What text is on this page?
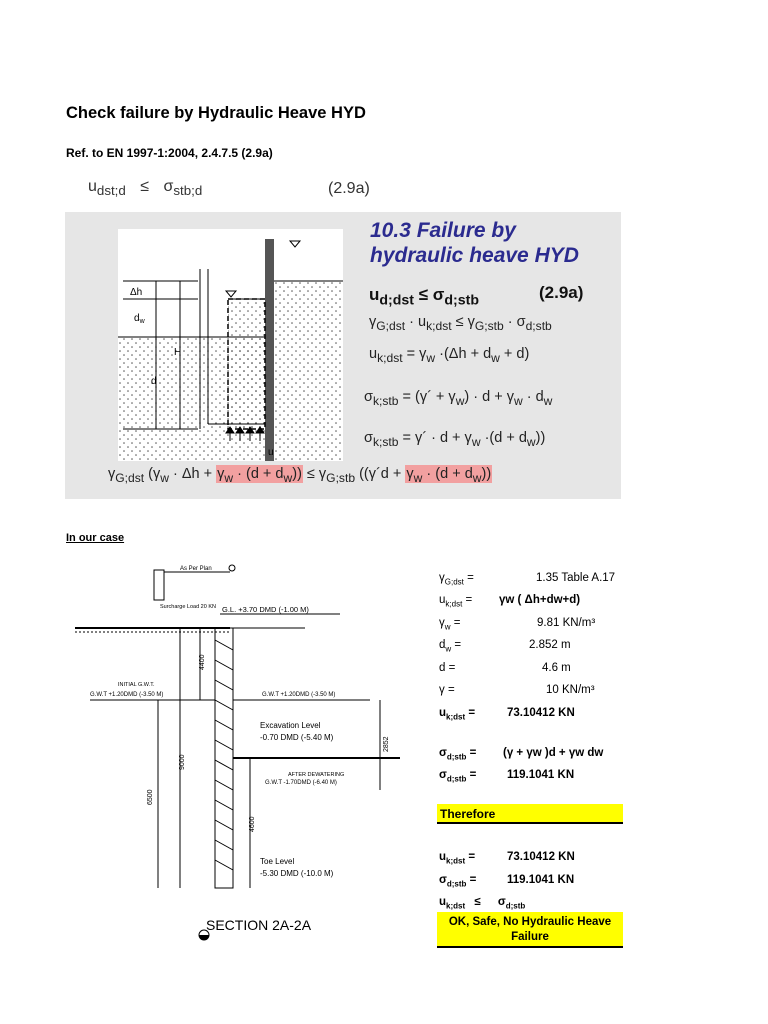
Check failure by Hydraulic Heave HYD
Ref. to EN 1997-1:2004, 2.4.7.5 (2.9a)
$u_{dst;d} \le \sigma_{stb;d}$	(2.9a)
Δh
$d_w$
H
d
u
10.3 Failure by
hydraulic heave HYD
$u_{d;dst} \le \sigma_{d;stb}$	(2.9a)
$\gamma_{G;dst} \cdot u_{k;dst} \le \gamma_{G;stb} \cdot \sigma_{d;stb}$
$u_{k;dst} = \gamma_w \cdot(\Delta h + d_w + d)$
$\sigma_{k;stb}$ = (γ´ + $\gamma_w) \cdot d + \gamma_w \cdot d_w$
$\sigma_{k;stb}$ = γ´ · $d + \gamma_w \cdot(d + d_w)$)
$\gamma_{G;dst}$ $(\gamma_w \cdot \Delta h + \gamma_w \cdot (d + d_w)) \le \gamma_{G;stb}$ ((γ´d + $\gamma_w \cdot (d + d_w)$)
In our case
As Per Plan
Surcharge Load 20 KN G.L. +3.70 DMD (-1.00 M)
INITIAL G.W.T.
G.W.T +1.20DMD (-3.50 M)	G.W.T +1.20DMD (-3.50 M)
Excavation Level
-0.70 DMD (-5.40 M)
AFTER DEWATERING
G.W.T -1.70DMD (-6.40 M)
Toe Level
-5.30 DMD (-10.0 M)
4400
9000
6500
4600
2852
SECTION 2A-2A
$\gamma_{G;dst}$ =	1.35 Table A.17
$u_{k;dst} = \gamma w$ ( Δh+dw+d)
$\gamma_w$ =	9.81 KN/m³
$d_w$ =	2.852 m
d =	4.6 m
γ =	10 KN/m³
$u_{k;dst}$ =	73.10412 KN
$\sigma_{d;stb} = (\gamma + \gamma w$ )d + γw dw
$\sigma_{d;stb}$ =	119.1041 KN
Therefore
$u_{k;dst}$ =	73.10412 KN
$\sigma_{d;stb}$ =	119.1041 KN
$u_{k;dst} \le \sigma_{d;stb}$
OK, Safe, No Hydraulic Heave Failure
